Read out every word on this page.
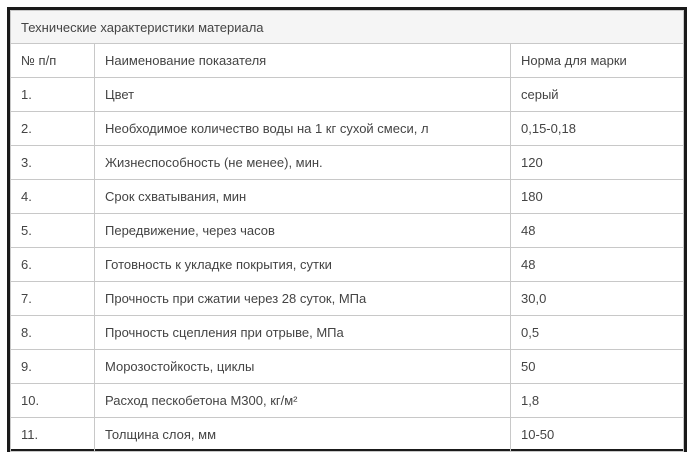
Технические характеристики материала		
№ п/п	Наименование показателя	Норма для марки
1.	Цвет	серый
2.	Необходимое количество воды на 1 кг сухой смеси, л	0,15-0,18
3.	Жизнеспособность (не менее), мин.	120
4.	Срок схватывания, мин	180
5.	Передвижение, через часов	48
6.	Готовность к укладке покрытия, сутки	48
7.	Прочность при сжатии через 28 суток, МПа	30,0
8.	Прочность сцепления при отрыве, МПа	0,5
9.	Морозостойкость, циклы	50
10.	Расход пескобетона М300, кг/м²	1,8
11.	Толщина слоя, мм	10-50
